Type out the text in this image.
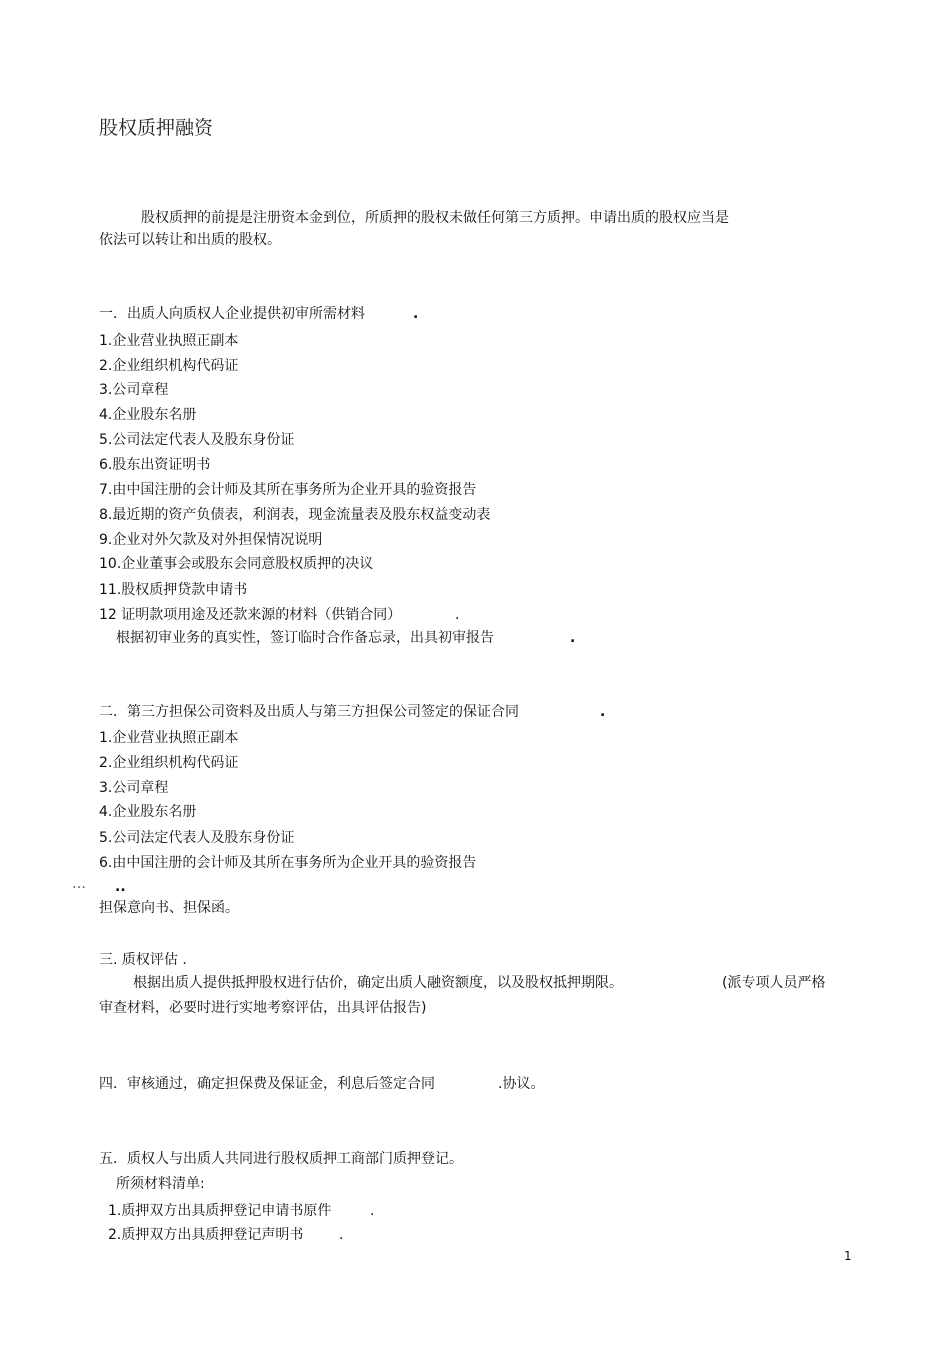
股权质押融资
股权质押的前提是注册资本金到位，所质押的股权未做任何第三方质押。申请出质的股权应当是
依法可以转让和出质的股权。
一．出质人向质权人企业提供初审所需材料	.
1.企业营业执照正副本
2.企业组织机构代码证
3.公司章程
4.企业股东名册
5.公司法定代表人及股东身份证
6.股东出资证明书
7.由中国注册的会计师及其所在事务所为企业开具的验资报告
8.最近期的资产负债表，利润表，现金流量表及股东权益变动表
9.企业对外欠款及对外担保情况说明
10.企业董事会或股东会同意股权质押的决议
11.股权质押贷款申请书
12 证明款项用途及还款来源的材料（供销合同）	.
根据初审业务的真实性，签订临时合作备忘录，出具初审报告	.
二．第三方担保公司资料及出质人与第三方担保公司签定的保证合同	.
1.企业营业执照正副本
2.企业组织机构代码证
3.公司章程
4.企业股东名册
5.公司法定代表人及股东身份证
6.由中国注册的会计师及其所在事务所为企业开具的验资报告
… ..
担保意向书、担保函。
三. 质权评估 .
根据出质人提供抵押股权进行估价，确定出质人融资额度，以及股权抵押期限。	(派专项人员严格
审查材料，必要时进行实地考察评估，出具评估报告)
四．审核通过，确定担保费及保证金，利息后签定合同	.协议。
五．质权人与出质人共同进行股权质押工商部门质押登记。
所须材料清单:
1.质押双方出具质押登记申请书原件	.
2.质押双方出具质押登记声明书	.
1
